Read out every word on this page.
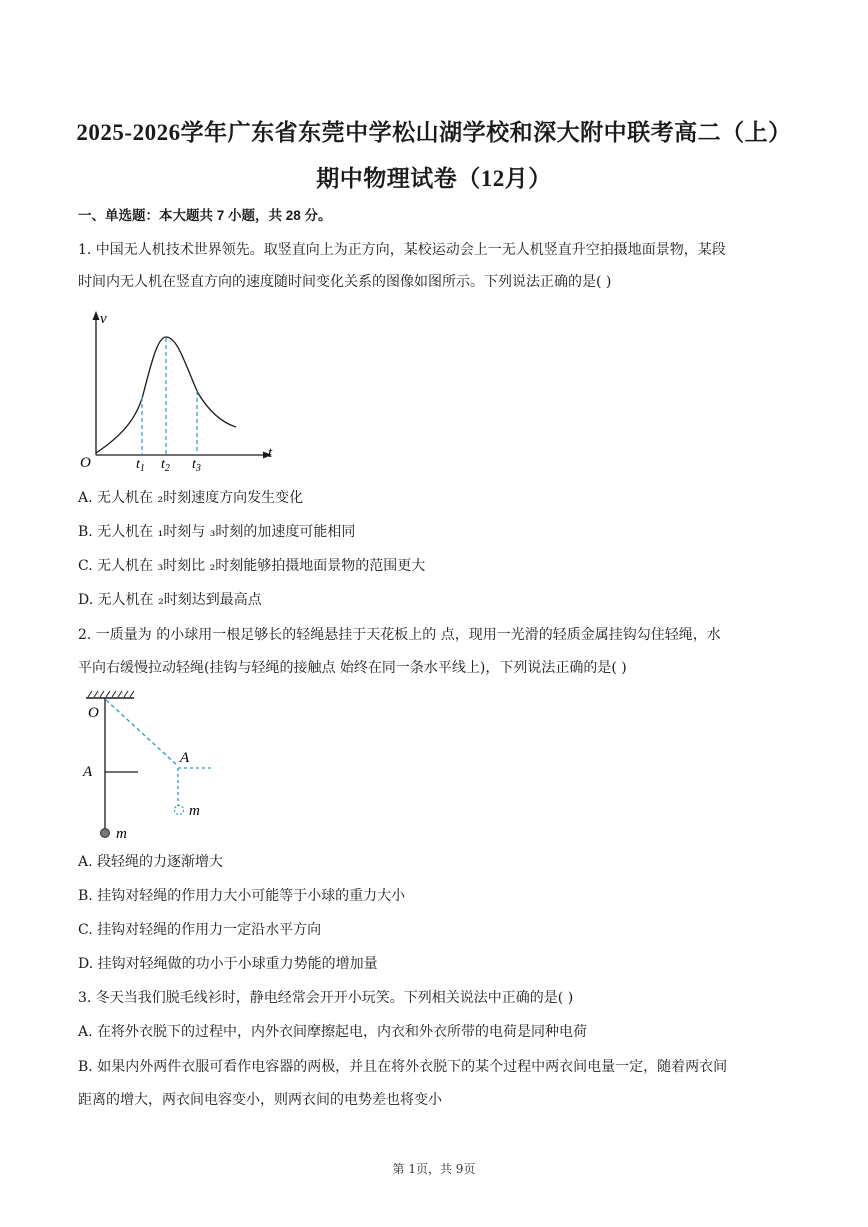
2025-2026学年广东省东莞中学松山湖学校和深大附中联考高二（上）
期中物理试卷（12月）
一、单选题：本大题共 7 小题，共 28 分。
1. 中国无人机技术世界领先。取竖直向上为正方向，某校运动会上一无人机竖直升空拍摄地面景物，某段
时间内无人机在竖直方向的速度随时间变化关系的图像如图所示。下列说法正确的是( )
v
t
O	$t_1$ $t_2$ $t_3$
A. 无人机在 ₂时刻速度方向发生变化
B. 无人机在 ₁时刻与 ₃时刻的加速度可能相同
C. 无人机在 ₃时刻比 ₂时刻能够拍摄地面景物的范围更大
D. 无人机在 ₂时刻达到最高点
2. 一质量为 的小球用一根足够长的轻绳悬挂于天花板上的 点，现用一光滑的轻质金属挂钩勾住轻绳，水
平向右缓慢拉动轻绳(挂钩与轻绳的接触点 始终在同一条水平线上)，下列说法正确的是( )
O
A
A
m
m
A. 段轻绳的力逐渐增大
B. 挂钩对轻绳的作用力大小可能等于小球的重力大小
C. 挂钩对轻绳的作用力一定沿水平方向
D. 挂钩对轻绳做的功小于小球重力势能的增加量
3. 冬天当我们脱毛线衫时，静电经常会开开小玩笑。下列相关说法中正确的是( )
A. 在将外衣脱下的过程中，内外衣间摩擦起电，内衣和外衣所带的电荷是同种电荷
B. 如果内外两件衣服可看作电容器的两极，并且在将外衣脱下的某个过程中两衣间电量一定，随着两衣间
距离的增大，两衣间电容变小，则两衣间的电势差也将变小
第 1页，共 9页
